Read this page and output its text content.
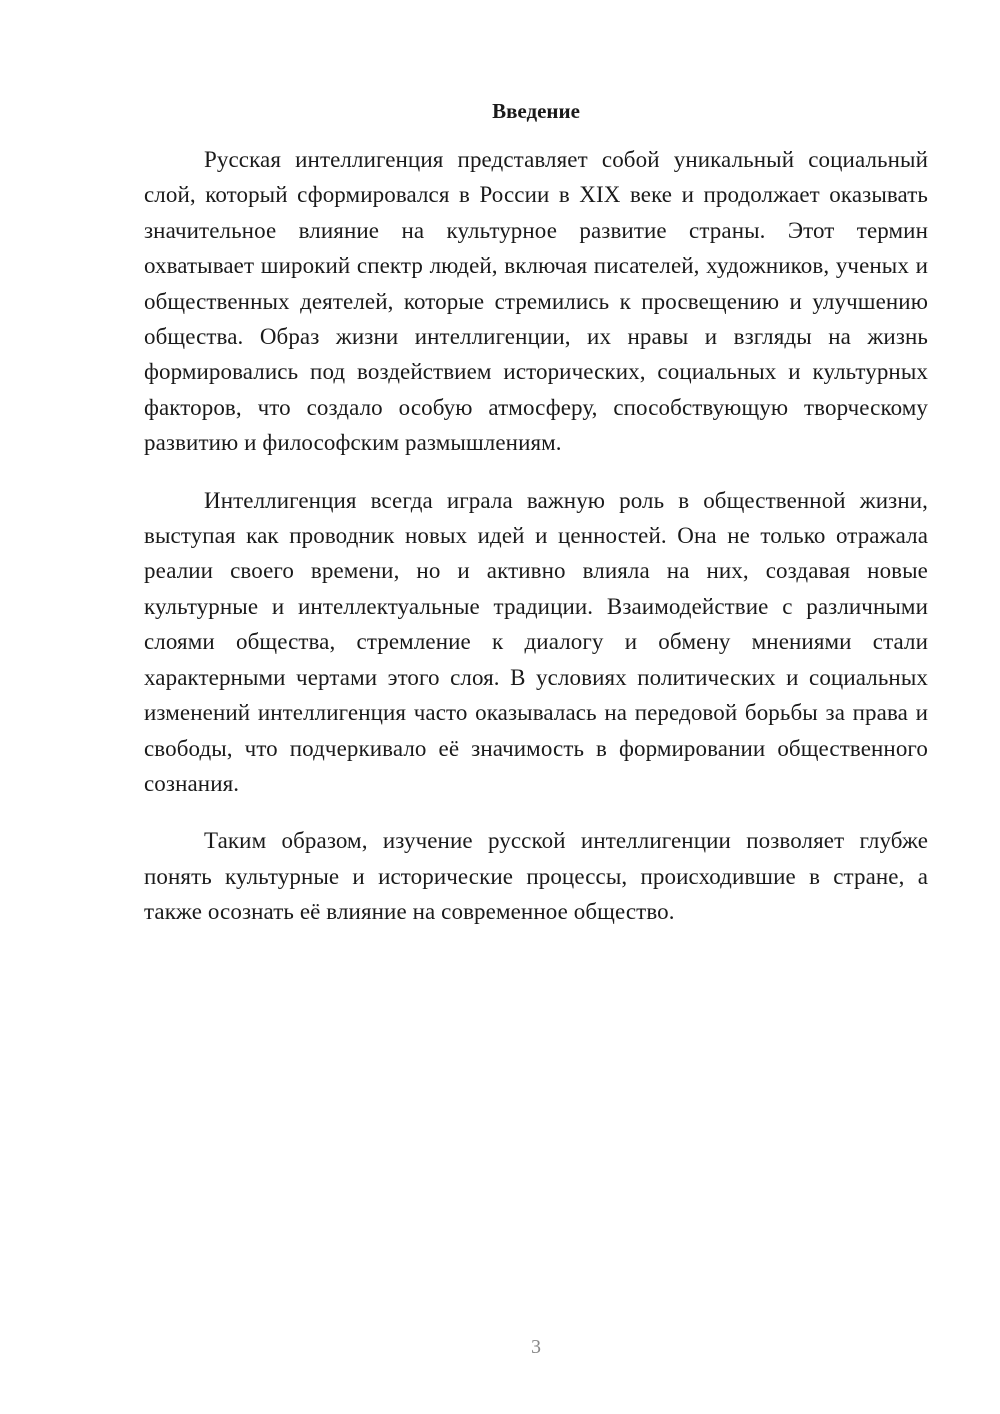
Введение

Русская интеллигенция представляет собой уникальный социальный слой, который сформировался в России в XIX веке и продолжает оказывать значительное влияние на культурное развитие страны. Этот термин охватывает широкий спектр людей, включая писателей, художников, ученых и общественных деятелей, которые стремились к просвещению и улучшению общества. Образ жизни интеллигенции, их нравы и взгляды на жизнь формировались под воздействием исторических, социальных и культурных факторов, что создало особую атмосферу, способствующую творческому развитию и философским размышлениям.

Интеллигенция всегда играла важную роль в общественной жизни, выступая как проводник новых идей и ценностей. Она не только отражала реалии своего времени, но и активно влияла на них, создавая новые культурные и интеллектуальные традиции. Взаимодействие с различными слоями общества, стремление к диалогу и обмену мнениями стали характерными чертами этого слоя. В условиях политических и социальных изменений интеллигенция часто оказывалась на передовой борьбы за права и свободы, что подчеркивало её значимость в формировании общественного сознания.

Таким образом, изучение русской интеллигенции позволяет глубже понять культурные и исторические процессы, происходившие в стране, а также осознать её влияние на современное общество.

3
